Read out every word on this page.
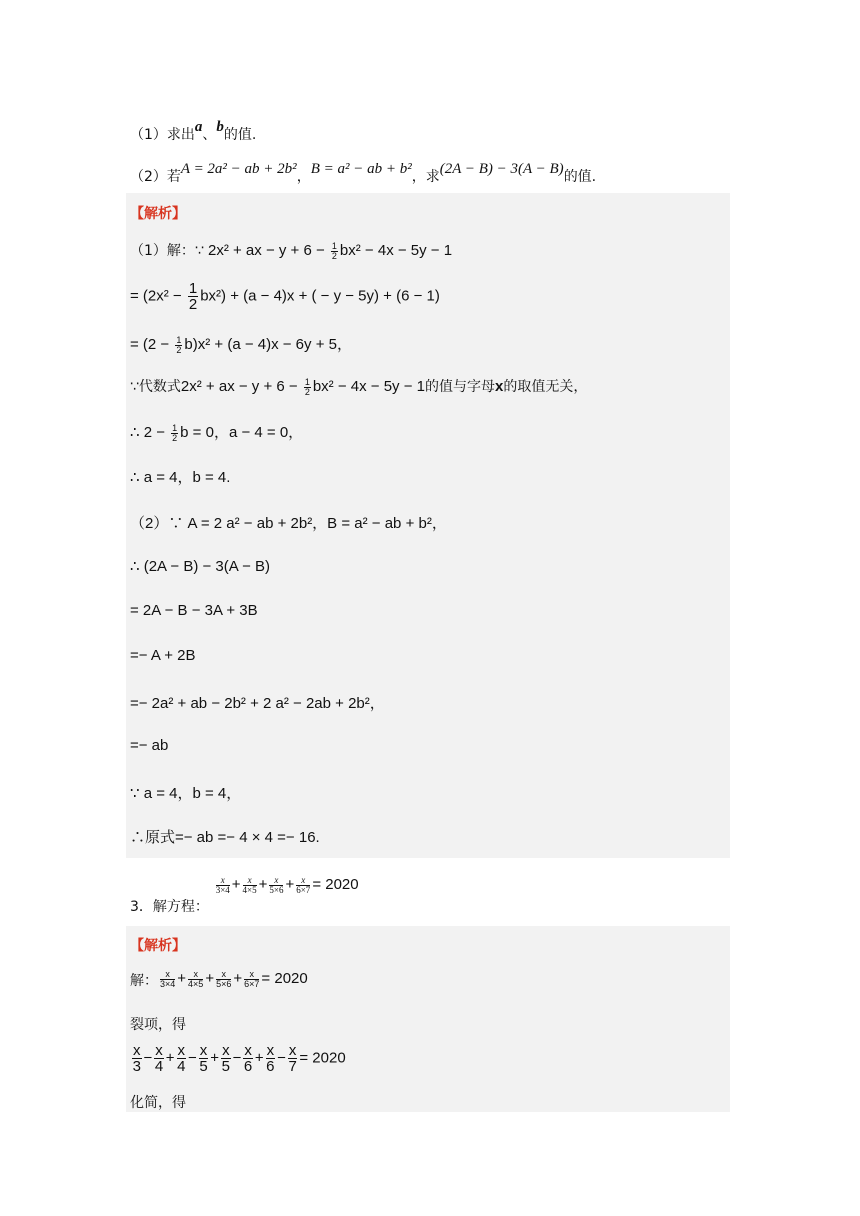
（1）求出a、b的值.
（2）若A = 2a² − ab + 2b²，B = a² − ab + b²，求(2A − B) − 3(A − B)的值.
【解析】
（1）解：∵ 2x² + ax − $y + 6 - \frac{1}{2} bx^2 - 4x - 5y - 1$
= $(2x^2 - \frac{1}{2} bx^2) + (a - 4)x$ + ( − y − 5y) + (6 − 1)
= $(2 - \frac{1}{2} b)x^2 + (a - 4)x - 6y + 5$，
∵代数式2x² + ax − $y + 6 - \frac{1}{2} bx^2 - 4x - 5y - 1$的值与字母x的取值无关，
∴ $2 - \frac{1}{2}$ b = 0，a − 4 = 0，
∴ a = 4，b = 4.
（2）∵ A = 2 a² − ab + 2b²，B = a² − ab + b²，
∴ (2A − B) − 3(A − B)
= 2A − B − 3A + 3B
=− A + 2B
=− 2a² + ab − 2b² + 2 a² − 2ab + 2b²，
=− ab
∵ a = 4，b = 4，
∴原式=− ab =− 4 × 4 =− 16.
3．解方程：
$\frac{x}{3\times 4} + \frac{x}{4\times 5} + \frac{x}{5\times 6} + \frac{x}{6\times 7} = 2020$
【解析】
解： $\frac{x}{3\times 4} + \frac{x}{4\times 5} + \frac{x}{5\times 6} + \frac{x}{6\times 7} = 2020$
裂项，得
$\frac{x}{3} - \frac{x}{4} + \frac{x}{4} - \frac{x}{5} + \frac{x}{5} - \frac{x}{6} + \frac{x}{6} - \frac{x}{7} = 2020$
化简，得
